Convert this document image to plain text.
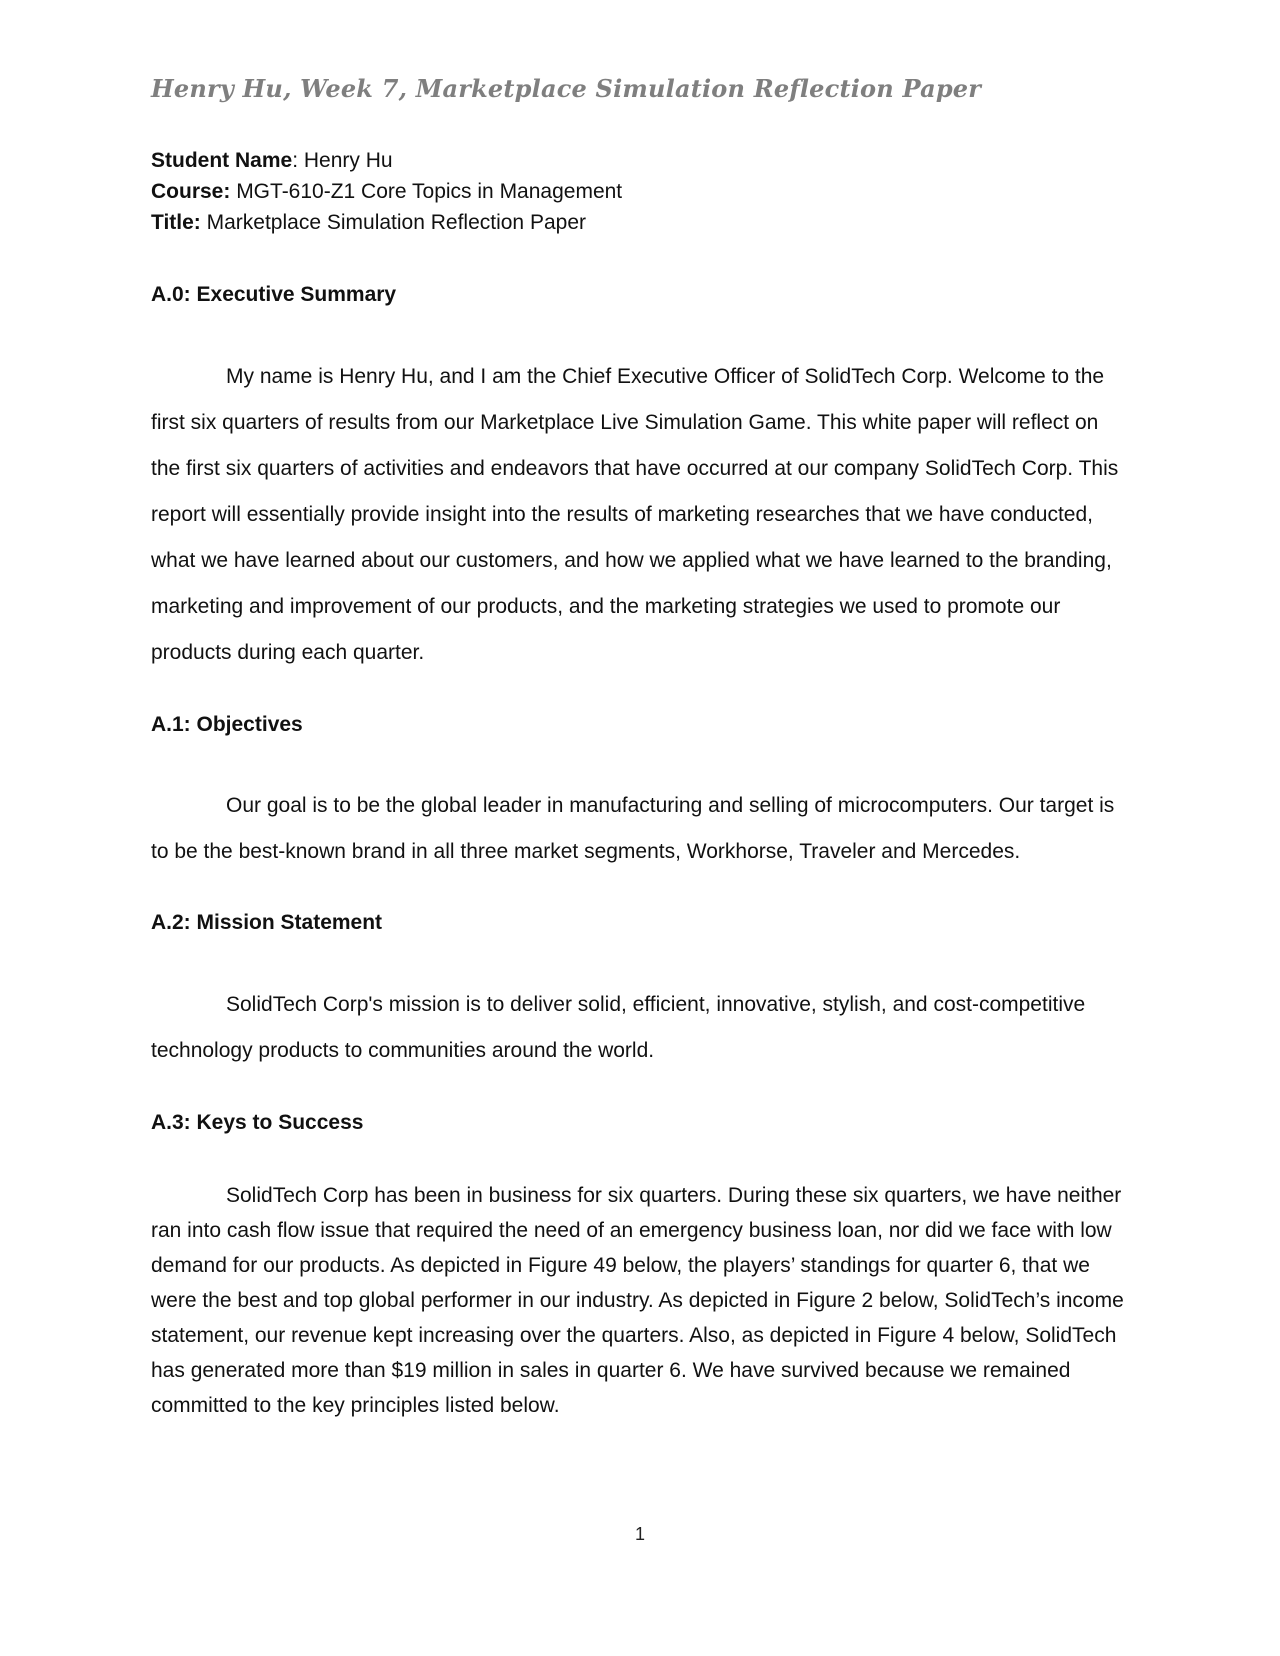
Henry Hu, Week 7, Marketplace Simulation Reflection Paper

Student Name: Henry Hu

Course: MGT-610-Z1 Core Topics in Management

Title: Marketplace Simulation Reflection Paper

A.0: Executive Summary

My name is Henry Hu, and I am the Chief Executive Officer of SolidTech Corp. Welcome to the first six quarters of results from our Marketplace Live Simulation Game. This white paper will reflect on the first six quarters of activities and endeavors that have occurred at our company SolidTech Corp. This report will essentially provide insight into the results of marketing researches that we have conducted, what we have learned about our customers, and how we applied what we have learned to the branding, marketing and improvement of our products, and the marketing strategies we used to promote our products during each quarter.

A.1: Objectives

Our goal is to be the global leader in manufacturing and selling of microcomputers. Our target is to be the best-known brand in all three market segments, Workhorse, Traveler and Mercedes.

A.2: Mission Statement

SolidTech Corp's mission is to deliver solid, efficient, innovative, stylish, and cost-competitive technology products to communities around the world.

A.3: Keys to Success

SolidTech Corp has been in business for six quarters. During these six quarters, we have neither ran into cash flow issue that required the need of an emergency business loan, nor did we face with low demand for our products. As depicted in Figure 49 below, the players’ standings for quarter 6, that we were the best and top global performer in our industry. As depicted in Figure 2 below, SolidTech’s income statement, our revenue kept increasing over the quarters. Also, as depicted in Figure 4 below, SolidTech has generated more than $19 million in sales in quarter 6. We have survived because we remained committed to the key principles listed below.

1
